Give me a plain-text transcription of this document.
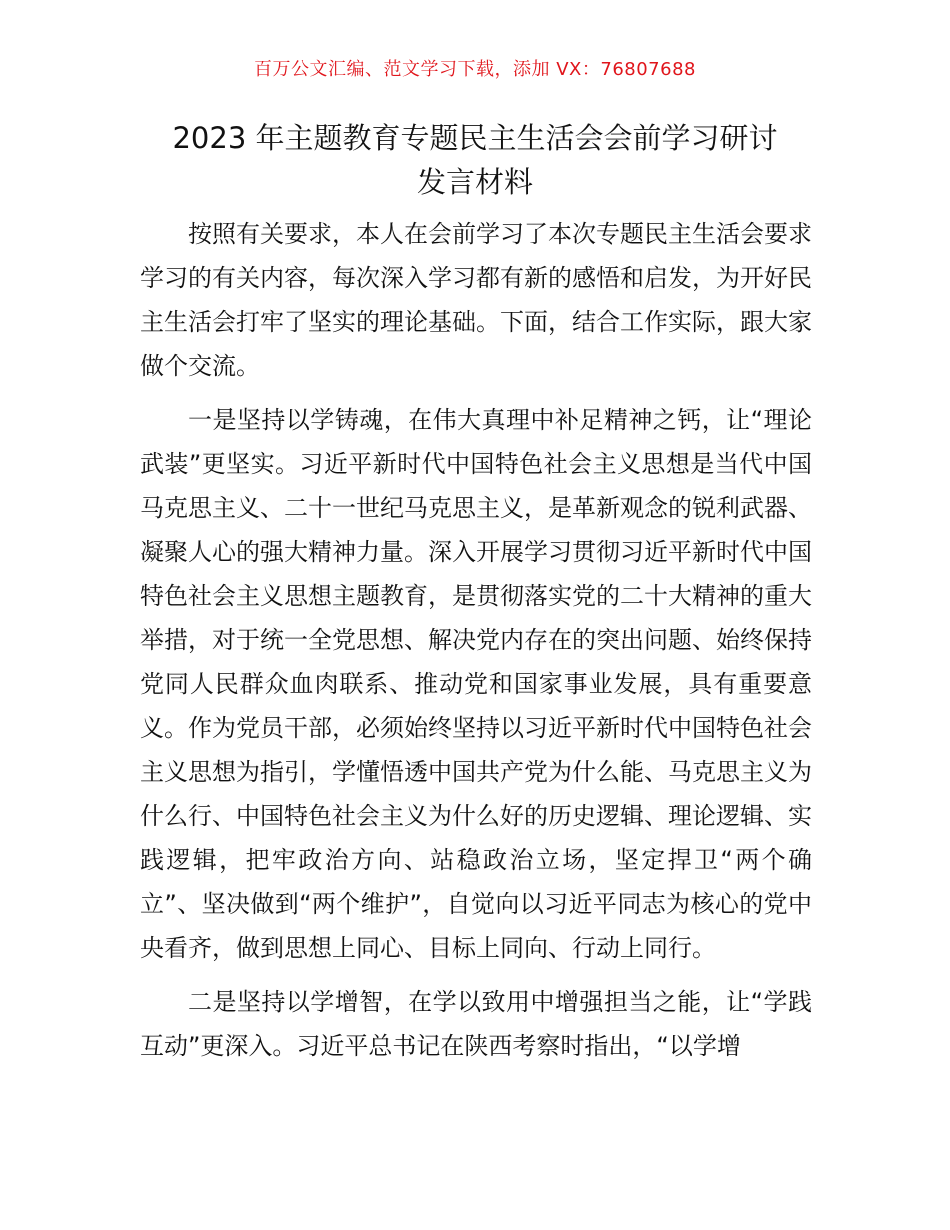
百万公文汇编、范文学习下载，添加 VX：76807688
2023 年主题教育专题民主生活会会前学习研讨
发言材料

按照有关要求，本人在会前学习了本次专题民主生活会要求学习的有关内容，每次深入学习都有新的感悟和启发，为开好民主生活会打牢了坚实的理论基础。下面，结合工作实际，跟大家做个交流。

一是坚持以学铸魂，在伟大真理中补足精神之钙，让“理论武装”更坚实。习近平新时代中国特色社会主义思想是当代中国马克思主义、二十一世纪马克思主义，是革新观念的锐利武器、凝聚人心的强大精神力量。深入开展学习贯彻习近平新时代中国特色社会主义思想主题教育，是贯彻落实党的二十大精神的重大举措，对于统一全党思想、解决党内存在的突出问题、始终保持党同人民群众血肉联系、推动党和国家事业发展，具有重要意义。作为党员干部，必须始终坚持以习近平新时代中国特色社会主义思想为指引，学懂悟透中国共产党为什么能、马克思主义为什么行、中国特色社会主义为什么好的历史逻辑、理论逻辑、实践逻辑，把牢政治方向、站稳政治立场，坚定捍卫“两个确立”、坚决做到“两个维护”，自觉向以习近平同志为核心的党中央看齐，做到思想上同心、目标上同向、行动上同行。

二是坚持以学增智，在学以致用中增强担当之能，让“学践互动”更深入。习近平总书记在陕西考察时指出，“以学增
